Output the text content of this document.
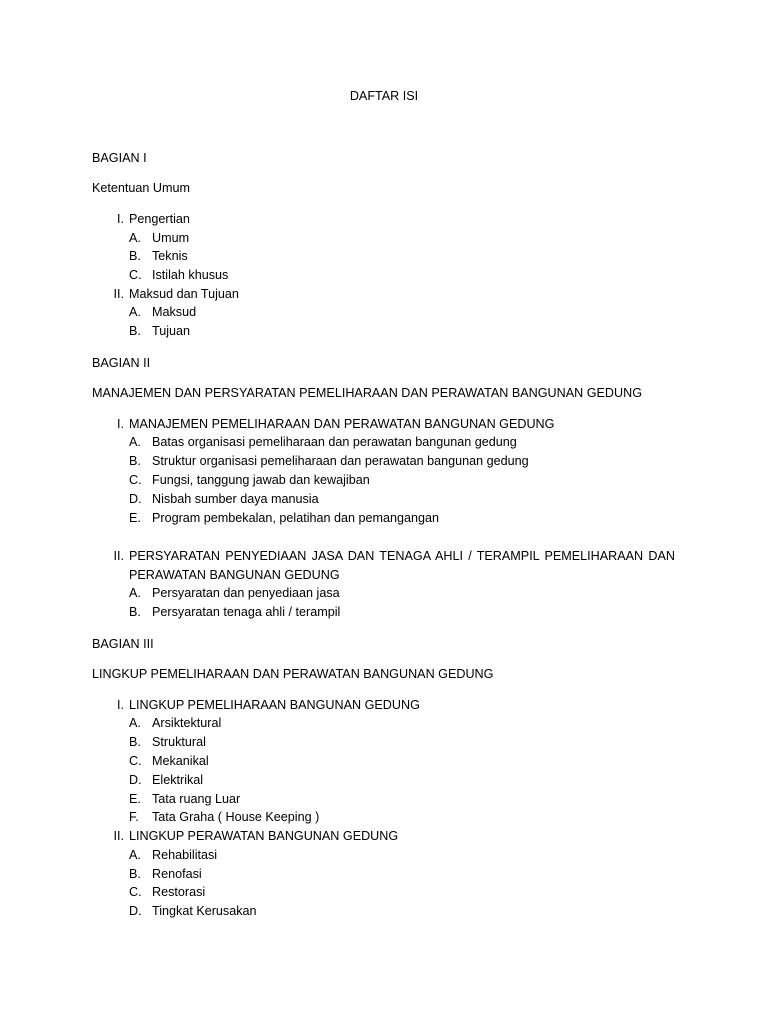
DAFTAR ISI
BAGIAN I
Ketentuan Umum
I. Pengertian
A. Umum
B. Teknis
C. Istilah khusus
II. Maksud dan Tujuan
A. Maksud
B. Tujuan
BAGIAN II
MANAJEMEN DAN PERSYARATAN PEMELIHARAAN DAN PERAWATAN BANGUNAN GEDUNG
I. MANAJEMEN PEMELIHARAAN DAN PERAWATAN BANGUNAN GEDUNG
A. Batas organisasi pemeliharaan dan perawatan bangunan gedung
B. Struktur organisasi pemeliharaan dan perawatan bangunan gedung
C. Fungsi, tanggung jawab dan kewajiban
D. Nisbah sumber daya manusia
E. Program pembekalan, pelatihan dan pemangangan
II. PERSYARATAN PENYEDIAAN JASA DAN TENAGA AHLI / TERAMPIL PEMELIHARAAN DAN
PERAWATAN BANGUNAN GEDUNG
A. Persyaratan dan penyediaan jasa
B. Persyaratan tenaga ahli / terampil
BAGIAN III
LINGKUP PEMELIHARAAN DAN PERAWATAN BANGUNAN GEDUNG
I. LINGKUP PEMELIHARAAN BANGUNAN GEDUNG
A. Arsiktektural
B. Struktural
C. Mekanikal
D. Elektrikal
E. Tata ruang Luar
F. Tata Graha ( House Keeping )
II. LINGKUP PERAWATAN BANGUNAN GEDUNG
A. Rehabilitasi
B. Renofasi
C. Restorasi
D. Tingkat Kerusakan
